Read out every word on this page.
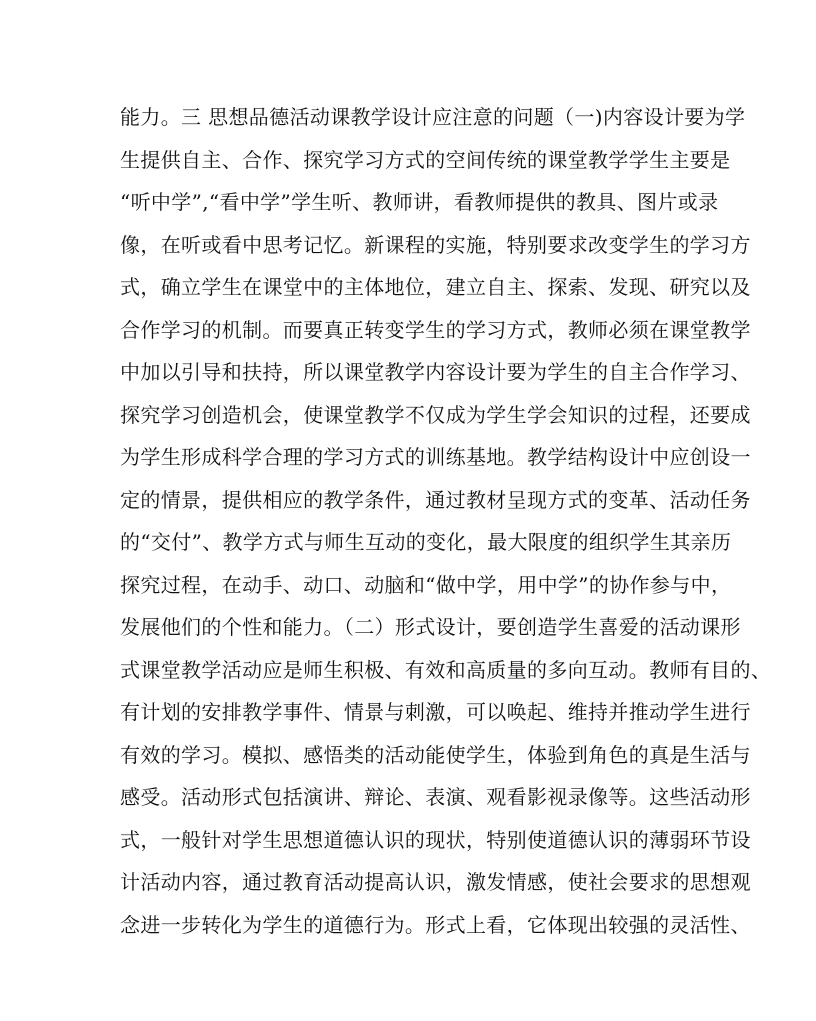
能力。三 思想品德活动课教学设计应注意的问题（一)内容设计要为学
生提供自主、合作、探究学习方式的空间传统的课堂教学学生主要是
“听中学”,“看中学”学生听、教师讲，看教师提供的教具、图片或录
像，在听或看中思考记忆。新课程的实施，特别要求改变学生的学习方
式，确立学生在课堂中的主体地位，建立自主、探索、发现、研究以及
合作学习的机制。而要真正转变学生的学习方式，教师必须在课堂教学
中加以引导和扶持，所以课堂教学内容设计要为学生的自主合作学习、
探究学习创造机会，使课堂教学不仅成为学生学会知识的过程，还要成
为学生形成科学合理的学习方式的训练基地。教学结构设计中应创设一
定的情景，提供相应的教学条件，通过教材呈现方式的变革、活动任务
的“交付”、教学方式与师生互动的变化，最大限度的组织学生其亲历
探究过程，在动手、动口、动脑和“做中学，用中学”的协作参与中，
发展他们的个性和能力。（二）形式设计，要创造学生喜爱的活动课形
式课堂教学活动应是师生积极、有效和高质量的多向互动。教师有目的、
有计划的安排教学事件、情景与刺激，可以唤起、维持并推动学生进行
有效的学习。模拟、感悟类的活动能使学生，体验到角色的真是生活与
感受。活动形式包括演讲、辩论、表演、观看影视录像等。这些活动形
式，一般针对学生思想道德认识的现状，特别使道德认识的薄弱环节设
计活动内容，通过教育活动提高认识，激发情感，使社会要求的思想观
念进一步转化为学生的道德行为。形式上看，它体现出较强的灵活性、
